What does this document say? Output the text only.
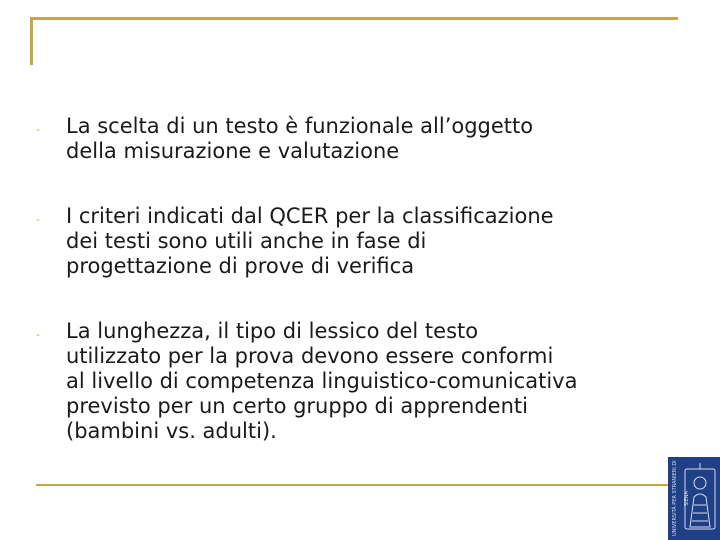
- La scelta di un testo è funzionale all’oggetto
della misurazione e valutazione
- I criteri indicati dal QCER per la classificazione
dei testi sono utili anche in fase di
progettazione di prove di verifica
- La lunghezza, il tipo di lessico del testo
utilizzato per la prova devono essere conformi
al livello di competenza linguistico-comunicativa
previsto per un certo gruppo di apprendenti
(bambini vs. adulti).
UNIVERSITÀ PER STRANIERI DI SIENA
